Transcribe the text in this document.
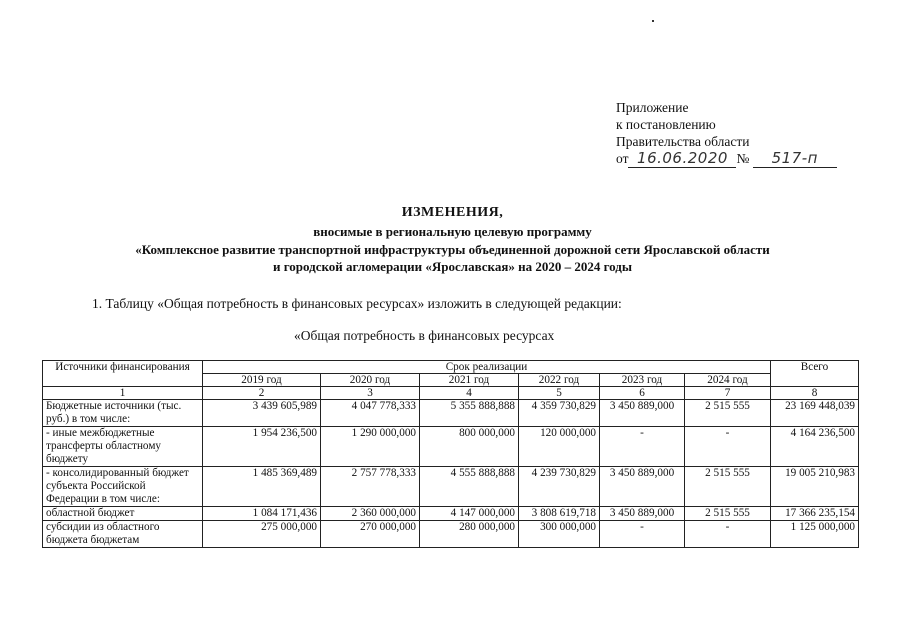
Приложение
к постановлению
Правительства области
от 16.06.2020 № 517-п
ИЗМЕНЕНИЯ,
вносимые в региональную целевую программу
«Комплексное развитие транспортной инфраструктуры объединенной дорожной сети Ярославской области
и городской агломерации «Ярославская» на 2020 – 2024 годы
1. Таблицу «Общая потребность в финансовых ресурсах» изложить в следующей редакции:
«Общая потребность в финансовых ресурсах
Источники финансирования	Срок реализации						Всего
	2019 год	2020 год	2021 год	2022 год	2023 год	2024 год	
1	2	3	4	5	6	7	8
Бюджетные источники (тыс. руб.) в том числе:	3 439 605,989	4 047 778,333	5 355 888,888	4 359 730,829	3 450 889,000	2 515 555	23 169 448,039
- иные межбюджетные трансферты областному бюджету	1 954 236,500	1 290 000,000	800 000,000	120 000,000	-	-	4 164 236,500
- консолидированный бюджет субъекта Российской Федерации в том числе:	1 485 369,489	2 757 778,333	4 555 888,888	4 239 730,829	3 450 889,000	2 515 555	19 005 210,983
областной бюджет	1 084 171,436	2 360 000,000	4 147 000,000	3 808 619,718	3 450 889,000	2 515 555	17 366 235,154
субсидии из областного бюджета бюджетам	275 000,000	270 000,000	280 000,000	300 000,000	-	-	1 125 000,000
